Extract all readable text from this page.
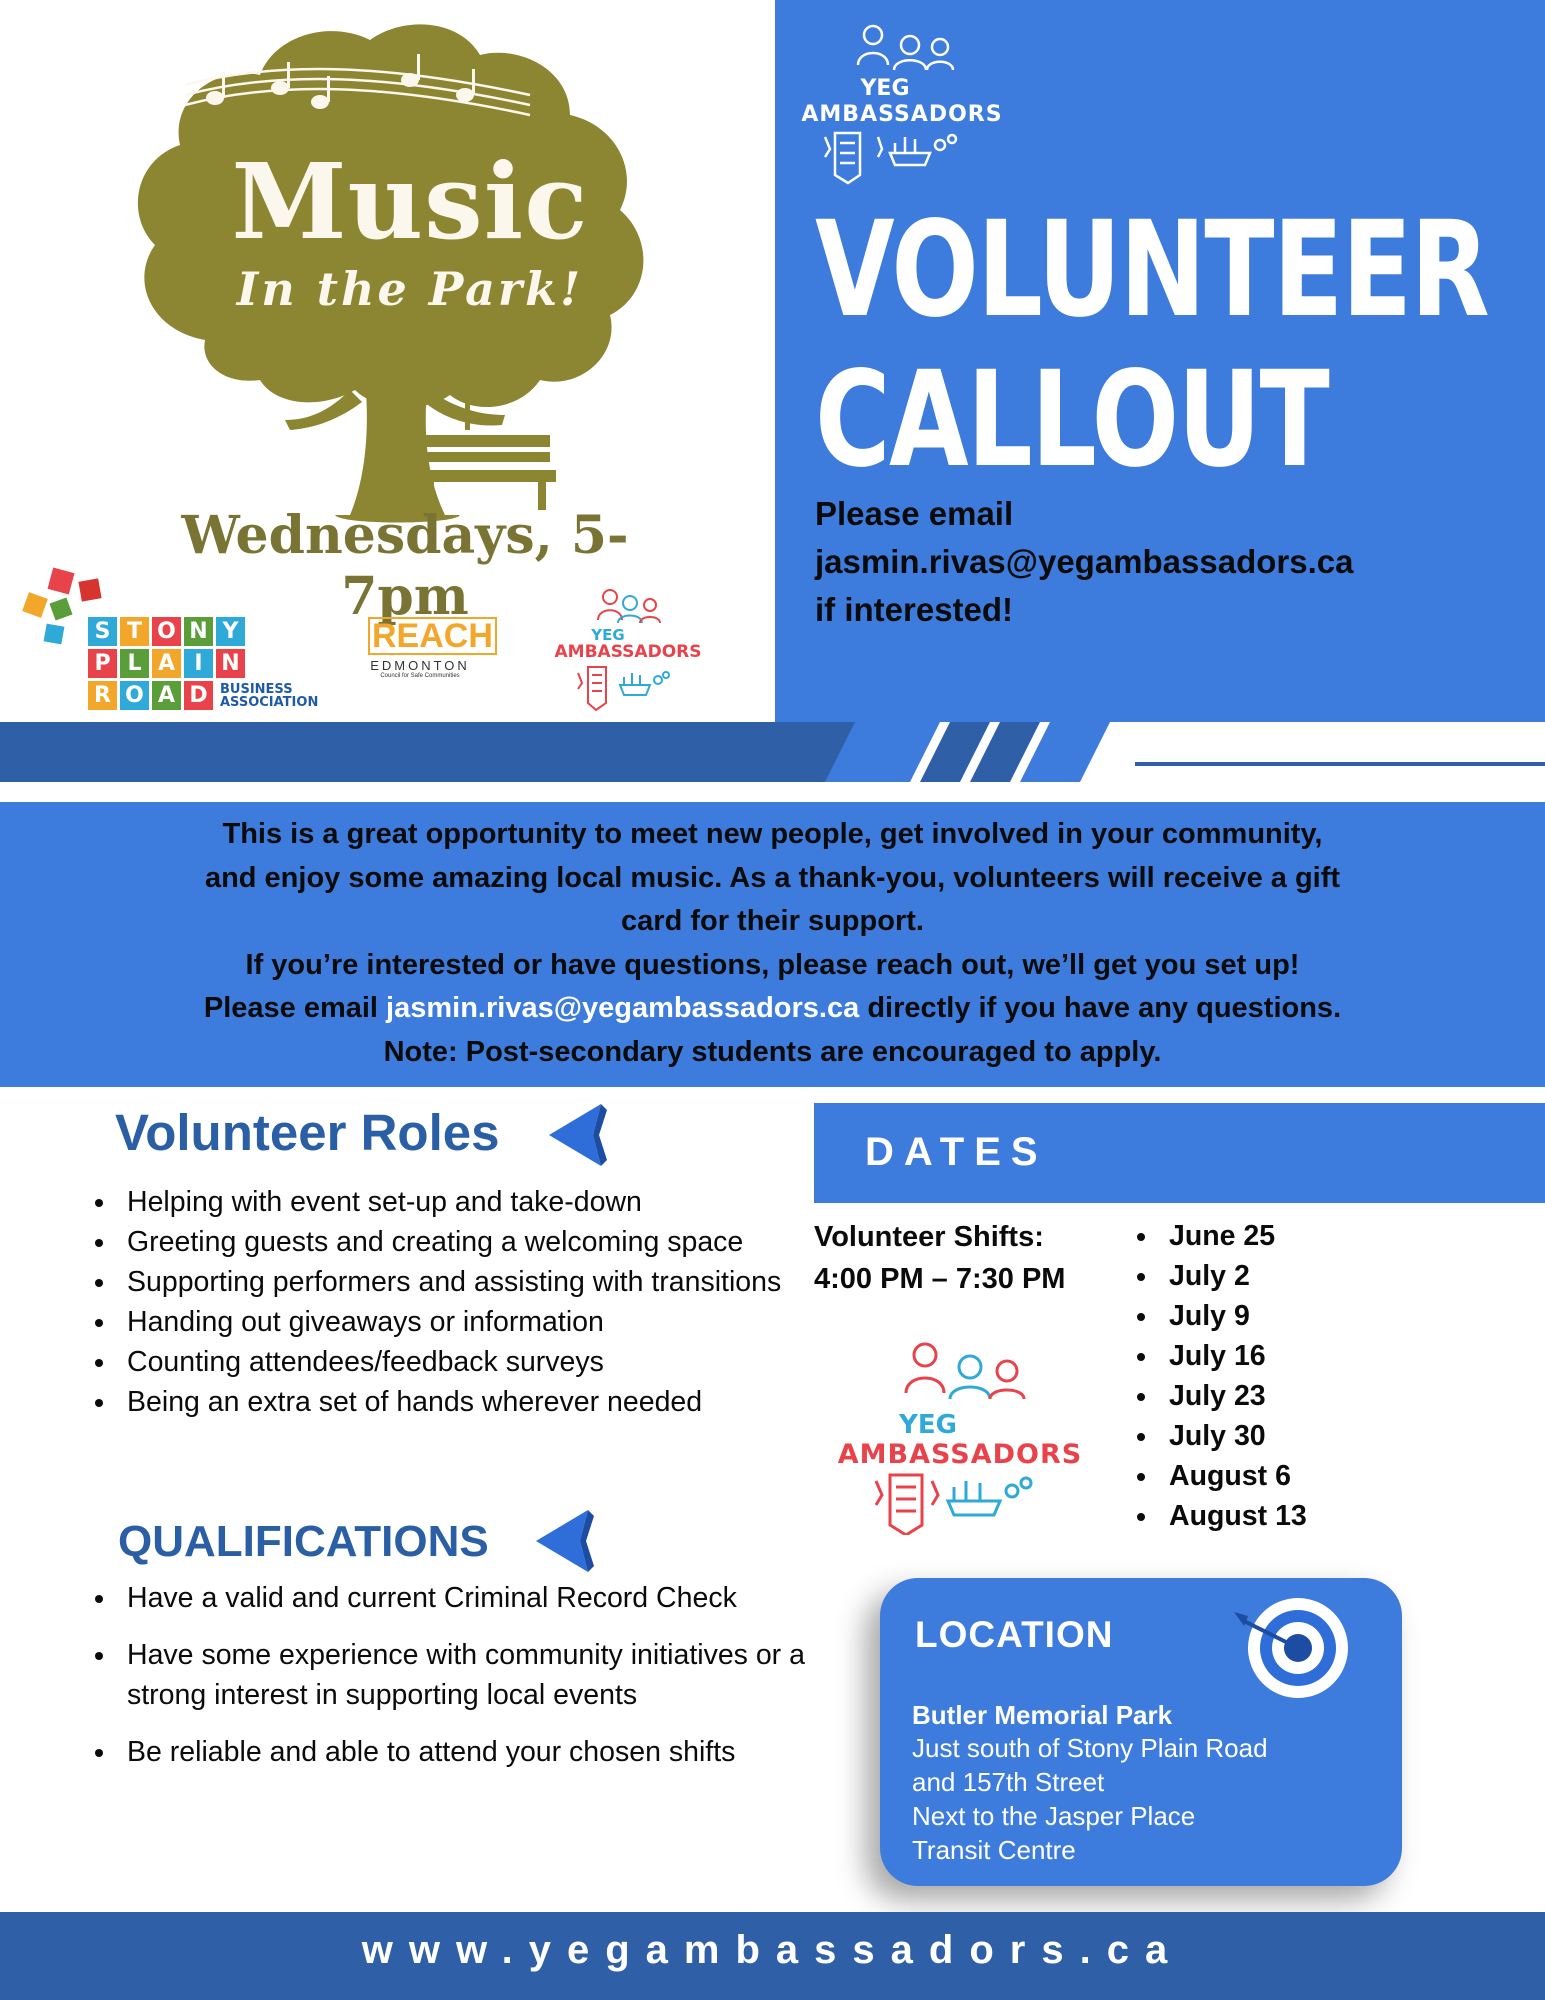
Music
In the Park!
Wednesdays, 5-7pm
S T O N Y
P L A I N
R O A D BUSINESS
ASSOCIATION
REACH
EDMONTON
Council for Safe Communities
YEG
AMBASSADORS
YEG
AMBASSADORS
VOLUNTEER
CALLOUT
Please email
jasmin.rivas@yegambassadors.ca
if interested!

This is a great opportunity to meet new people, get involved in your community,

and enjoy some amazing local music. As a thank-you, volunteers will receive a gift

card for their support.

If you’re interested or have questions, please reach out, we’ll get you set up!

Please email jasmin.rivas@yegambassadors.ca directly if you have any questions.

Note: Post-secondary students are encouraged to apply.

Volunteer Roles
Helping with event set-up and take-down
Greeting guests and creating a welcoming space
Supporting performers and assisting with transitions
Handing out giveaways or information
Counting attendees/feedback surveys
Being an extra set of hands wherever needed
QUALIFICATIONS
Have a valid and current Criminal Record Check
Have some experience with community initiatives or a strong interest in supporting local events
Be reliable and able to attend your chosen shifts
DATES
Volunteer Shifts:
4:00 PM – 7:30 PM
June 25
July 2
July 9
July 16
July 23
July 30
August 6
August 13
YEG
AMBASSADORS
LOCATION
Butler Memorial Park
Just south of Stony Plain Road
and 157th Street
Next to the Jasper Place
Transit Centre
www.yegambassadors.ca
